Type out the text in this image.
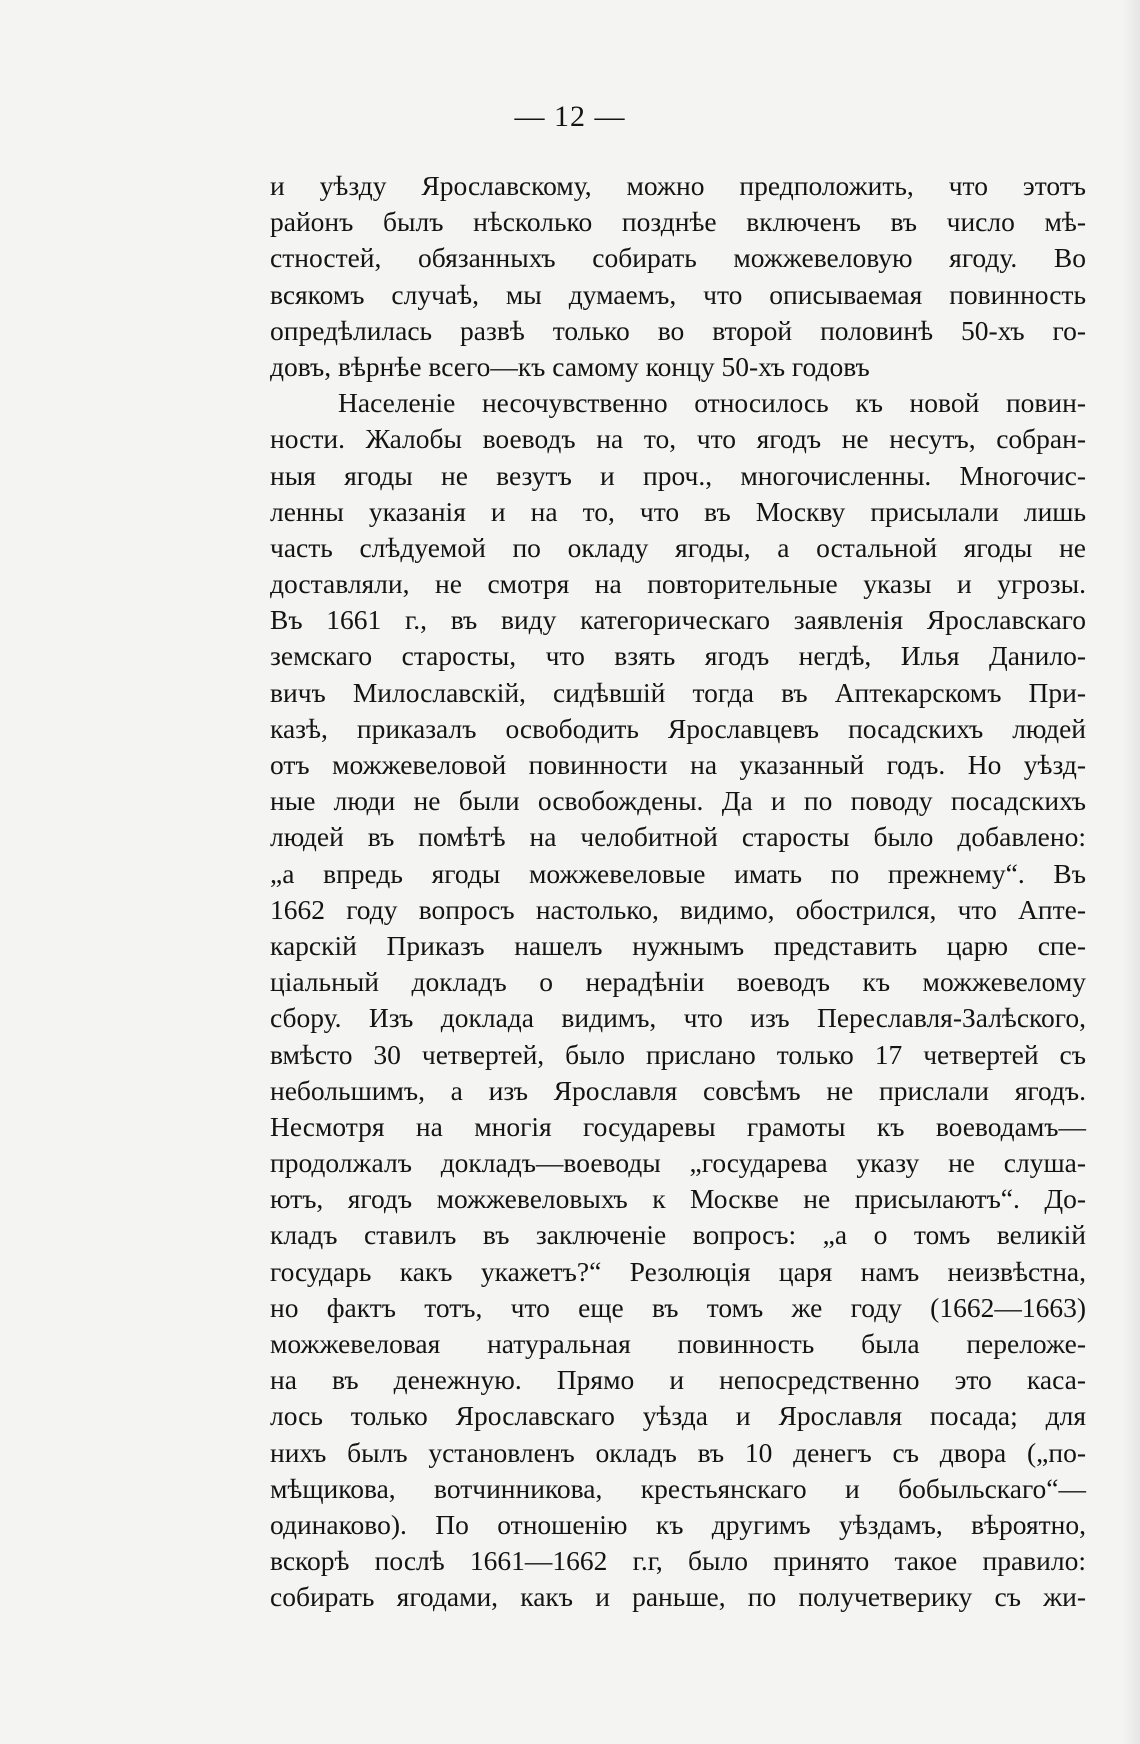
— 12 —
и уѣзду Ярославскому, можно предположить, что этотъ
районъ былъ нѣсколько позднѣе включенъ въ число мѣ-
стностей, обязанныхъ собирать можжевеловую ягоду. Во
всякомъ случаѣ, мы думаемъ, что описываемая повинность
опредѣлилась развѣ только во второй половинѣ 50-хъ го-
довъ, вѣрнѣе всего—къ самому концу 50-хъ годовъ
Населеніе несочувственно относилось къ новой повин-
ности. Жалобы воеводъ на то, что ягодъ не несутъ, собран-
ныя ягоды не везутъ и проч., многочисленны. Многочис-
ленны указанія и на то, что въ Москву присылали лишь
часть слѣдуемой по окладу ягоды, а остальной ягоды не
доставляли, не смотря на повторительные указы и угрозы.
Въ 1661 г., въ виду категорическаго заявленія Ярославскаго
земскаго старосты, что взять ягодъ негдѣ, Илья Данило-
вичъ Милославскій, сидѣвшій тогда въ Аптекарскомъ При-
казѣ, приказалъ освободить Ярославцевъ посадскихъ людей
отъ можжевеловой повинности на указанный годъ. Но уѣзд-
ные люди не были освобождены. Да и по поводу посадскихъ
людей въ помѣтѣ на челобитной старосты было добавлено:
„а впредь ягоды можжевеловые имать по прежнему“. Въ
1662 году вопросъ настолько, видимо, обострился, что Апте-
карскій Приказъ нашелъ нужнымъ представить царю спе-
ціальный докладъ о нерадѣніи воеводъ къ можжевелому
сбору. Изъ доклада видимъ, что изъ Переславля-Залѣского,
вмѣсто 30 четвертей, было прислано только 17 четвертей съ
небольшимъ, а изъ Ярославля совсѣмъ не прислали ягодъ.
Несмотря на многія государевы грамоты къ воеводамъ—
продолжалъ докладъ—воеводы „государева указу не слуша-
ютъ, ягодъ можжевеловыхъ к Москве не присылаютъ“. До-
кладъ ставилъ въ заключеніе вопросъ: „а о томъ великій
государь какъ укажетъ?“ Резолюція царя намъ неизвѣстна,
но фактъ тотъ, что еще въ томъ же году (1662—1663)
можжевеловая натуральная повинность была переложе-
на въ денежную. Прямо и непосредственно это каса-
лось только Ярославскаго уѣзда и Ярославля посада; для
нихъ былъ установленъ окладъ въ 10 денегъ съ двора („по-
мѣщикова, вотчинникова, крестьянскаго и бобыльскаго“—
одинаково). По отношенію къ другимъ уѣздамъ, вѣроятно,
вскорѣ послѣ 1661—1662 г.г, было принято такое правило:
собирать ягодами, какъ и раньше, по получетверику съ жи-
